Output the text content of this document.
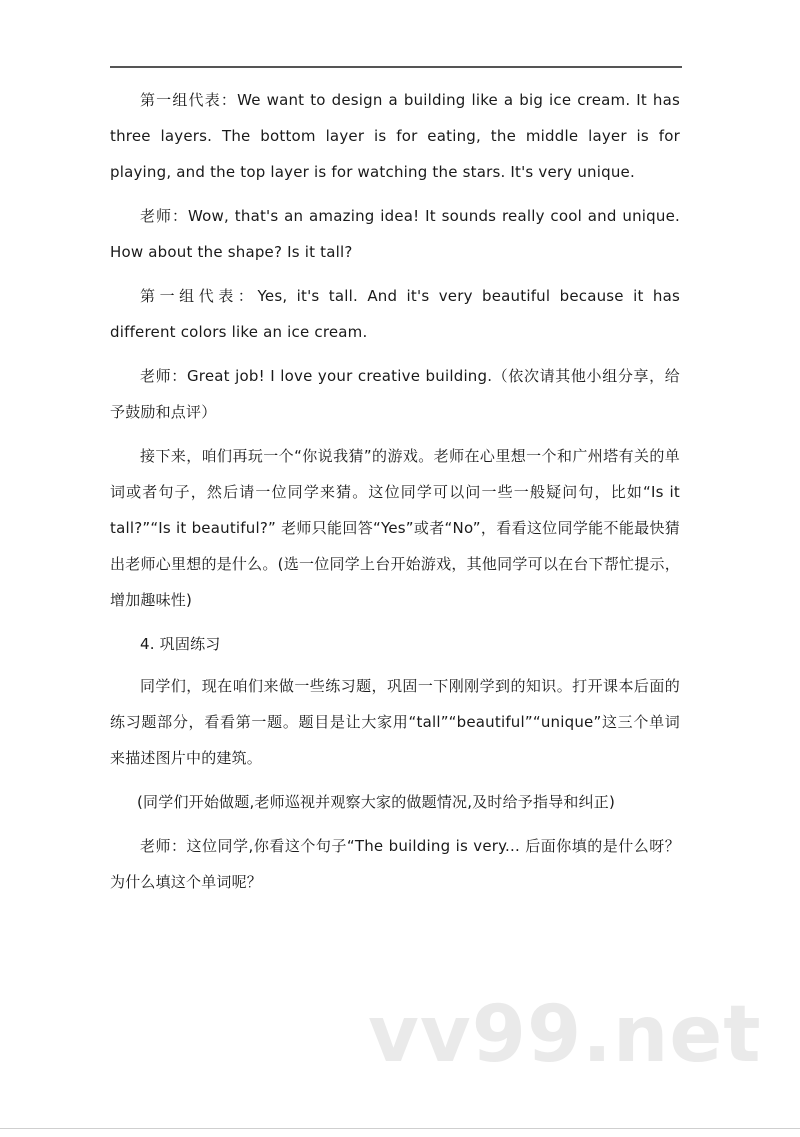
第一组代表：We want to design a building like a big ice cream. It has three layers. The bottom layer is for eating, the middle layer is for playing, and the top layer is for watching the stars. It's very unique.

老师：Wow, that's an amazing idea! It sounds really cool and unique. How about the shape? Is it tall?

第一组代表：Yes, it's tall. And it's very beautiful because it has different colors like an ice cream.

老师：Great job! I love your creative building.（依次请其他小组分享，给予鼓励和点评）

接下来，咱们再玩一个“你说我猜”的游戏。老师在心里想一个和广州塔有关的单词或者句子，然后请一位同学来猜。这位同学可以问一些一般疑问句，比如“Is it tall?”“Is it beautiful?” 老师只能回答“Yes”或者“No”，看看这位同学能不能最快猜出老师心里想的是什么。(选一位同学上台开始游戏，其他同学可以在台下帮忙提示，增加趣味性)

4. 巩固练习

同学们，现在咱们来做一些练习题，巩固一下刚刚学到的知识。打开课本后面的练习题部分，看看第一题。题目是让大家用“tall”“beautiful”“unique”这三个单词来描述图片中的建筑。

(同学们开始做题,老师巡视并观察大家的做题情况,及时给予指导和纠正)

老师：这位同学,你看这个句子“The building is very... 后面你填的是什么呀？为什么填这个单词呢？

vv99.net
